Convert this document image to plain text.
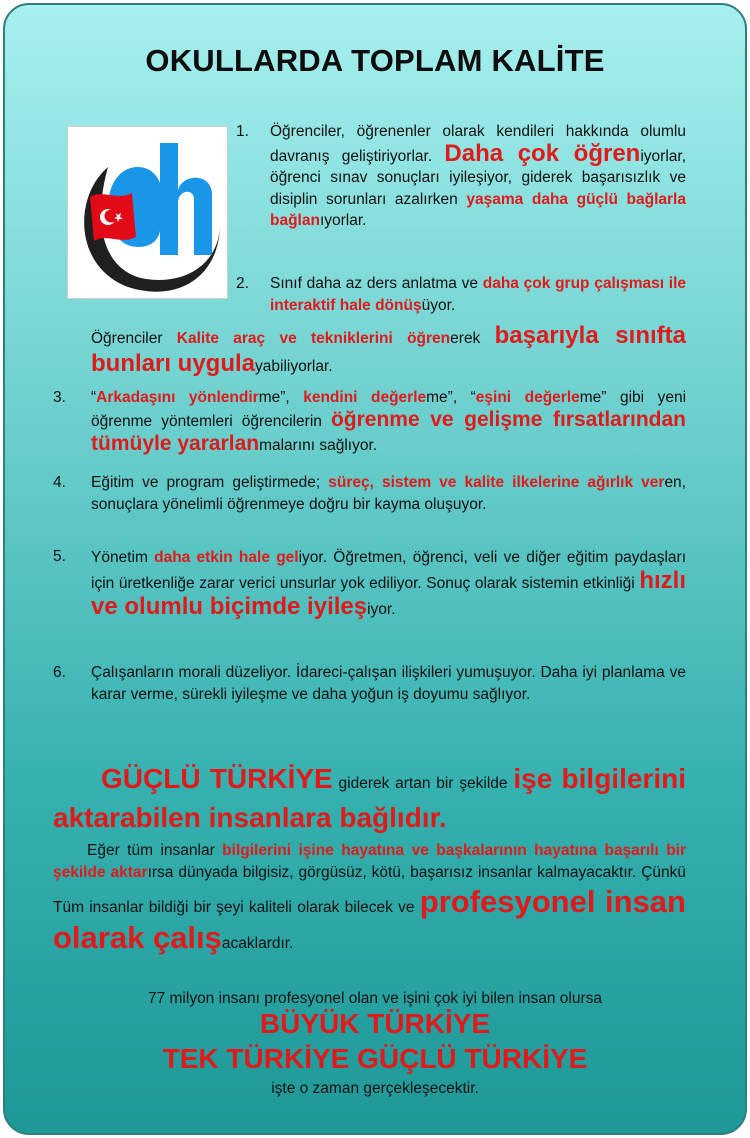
OKULLARDA TOPLAM KALİTE
1. Öğrenciler, öğrenenler olarak kendileri hakkında olumlu davranış geliştiriyorlar. Daha çok öğreniyorlar, öğrenci sınav sonuçları iyileşiyor, giderek başarısızlık ve disiplin sorunları azalırken yaşama daha güçlü bağlarla bağlanıyorlar.
2. Sınıf daha az ders anlatma ve daha çok grup çalışması ile interaktif hale dönüşüyor.
Öğrenciler Kalite araç ve tekniklerini öğrenerek başarıyla sınıfta bunları uygulayabiliyorlar.
3. “Arkadaşını yönlendirme”, kendini değerleme”, “eşini değerleme” gibi yeni öğrenme yöntemleri öğrencilerin öğrenme ve gelişme fırsatlarından tümüyle yararlanmalarını sağlıyor.
4. Eğitim ve program geliştirmede; süreç, sistem ve kalite ilkelerine ağırlık veren, sonuçlara yönelimli öğrenmeye doğru bir kayma oluşuyor.
5. Yönetim daha etkin hale geliyor. Öğretmen, öğrenci, veli ve diğer eğitim paydaşları için üretkenliğe zarar verici unsurlar yok ediliyor. Sonuç olarak sistemin etkinliği hızlı ve olumlu biçimde iyileşiyor.
6. Çalışanların morali düzeliyor. İdareci-çalışan ilişkileri yumuşuyor. Daha iyi planlama ve karar verme, sürekli iyileşme ve daha yoğun iş doyumu sağlıyor.
GÜÇLÜ TÜRKİYE giderek artan bir şekilde işe bilgilerini aktarabilen insanlara bağlıdır.
Eğer tüm insanlar bilgilerini işine hayatına ve başkalarının hayatına başarılı bir şekilde aktarırsa dünyada bilgisiz, görgüsüz, kötü, başarısız insanlar kalmayacaktır. Çünkü Tüm insanlar bildiği bir şeyi kaliteli olarak bilecek ve profesyonel insan olarak çalışacaklardır.
77 milyon insanı profesyonel olan ve işini çok iyi bilen insan olursa
BÜYÜK TÜRKİYE
TEK TÜRKİYE GÜÇLÜ TÜRKİYE
işte o zaman gerçekleşecektir.
